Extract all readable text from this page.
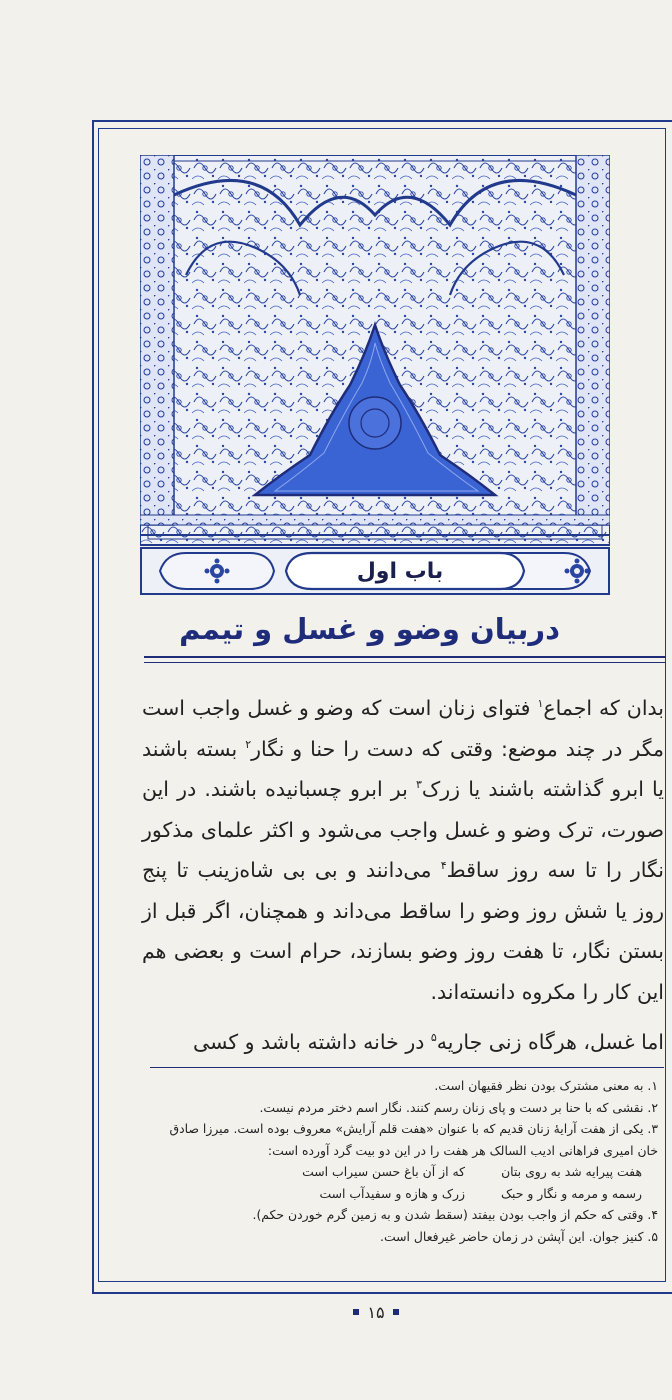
باب اول
دربیان وضو و غسل و تیمم

بدان که اجماع$^۱$ فتوای زنان است که وضو و غسل واجب است مگر در چند موضع: وقتی که دست را حنا و نگار$^۲$ بسته باشند یا ابرو گذاشته باشند یا زرک$^۳$ بر ابرو چسبانیده باشند. در این صورت، ترک وضو و غسل واجب می‌شود و اکثر علمای مذکور نگار را تا سه روز ساقط$^۴$ می‌دانند و بی بی شاه‌زینب تا پنج روز یا شش روز وضو را ساقط می‌داند و همچنان، اگر قبل از بستن نگار، تا هفت روز وضو بسازند، حرام است و بعضی هم این کار را مکروه دانسته‌اند.

اما غسل، هرگاه زنی جاریه$^۵$ در خانه داشته باشد و کسی

۱. به معنی مشترک بودن نظر فقیهان است.

۲. نقشی که با حنا بر دست و پای زنان رسم کنند. نگار اسم دختر مردم نیست.

۳. یکی از هفت آرایهٔ زنان قدیم که با عنوان «هفت قلم آرایش» معروف بوده است. میرزا صادق

خان امیری فراهانی ادیب السالک هر هفت را در این دو بیت گرد آورده است:

هفت پیرایه شد به روی بتان
که از آن باغ حسن سیراب است
رسمه و مرمه و نگار و حبک
زرک و هازه و سفیدآب است

۴. وقتی که حکم از واجب بودن بیفتد (سقط شدن و به زمین گرم خوردن حکم).

۵. کنیز جوان. این آپشن در زمان حاضر غیرفعال است.

۱۵
